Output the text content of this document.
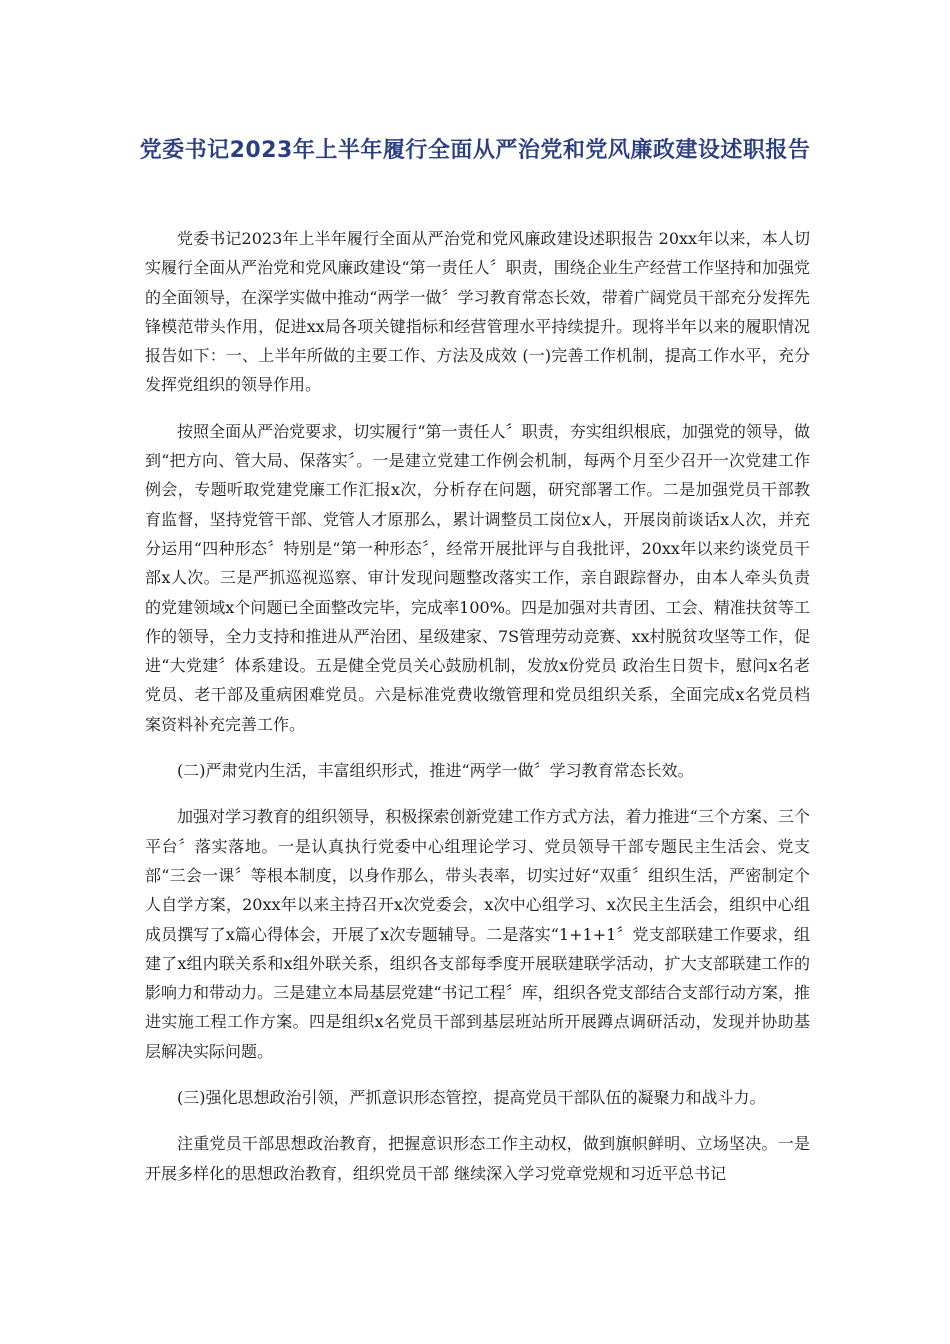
党委书记2023年上半年履行全面从严治党和党风廉政建设述职报告

党委书记2023年上半年履行全面从严治党和党风廉政建设述职报告 20xx年以来，本人切实履行全面从严治党和党风廉政建设“第一责任人〞职责，围绕企业生产经营工作坚持和加强党的全面领导，在深学实做中推动“两学一做〞学习教育常态长效，带着广阔党员干部充分发挥先锋模范带头作用，促进xx局各项关键指标和经营管理水平持续提升。现将半年以来的履职情况报告如下：一、上半年所做的主要工作、方法及成效 (一)完善工作机制，提高工作水平，充分发挥党组织的领导作用。

按照全面从严治党要求，切实履行“第一责任人〞职责，夯实组织根底，加强党的领导，做到“把方向、管大局、保落实〞。一是建立党建工作例会机制，每两个月至少召开一次党建工作例会，专题听取党建党廉工作汇报x次，分析存在问题，研究部署工作。二是加强党员干部教育监督，坚持党管干部、党管人才原那么，累计调整员工岗位x人，开展岗前谈话x人次，并充分运用“四种形态〞特别是“第一种形态〞，经常开展批评与自我批评，20xx年以来约谈党员干部x人次。三是严抓巡视巡察、审计发现问题整改落实工作，亲自跟踪督办，由本人牵头负责的党建领域x个问题已全面整改完毕，完成率100%。四是加强对共青团、工会、精准扶贫等工作的领导，全力支持和推进从严治团、星级建家、7S管理劳动竞赛、xx村脱贫攻坚等工作，促进“大党建〞体系建设。五是健全党员关心鼓励机制，发放x份党员 政治生日贺卡，慰问x名老党员、老干部及重病困难党员。六是标准党费收缴管理和党员组织关系，全面完成x名党员档案资料补充完善工作。

(二)严肃党内生活，丰富组织形式，推进“两学一做〞学习教育常态长效。

加强对学习教育的组织领导，积极探索创新党建工作方式方法，着力推进“三个方案、三个平台〞落实落地。一是认真执行党委中心组理论学习、党员领导干部专题民主生活会、党支部“三会一课〞等根本制度，以身作那么，带头表率，切实过好“双重〞组织生活，严密制定个人自学方案，20xx年以来主持召开x次党委会，x次中心组学习、x次民主生活会，组织中心组成员撰写了x篇心得体会，开展了x次专题辅导。二是落实“1+1+1〞党支部联建工作要求，组建了x组内联关系和x组外联关系，组织各支部每季度开展联建联学活动，扩大支部联建工作的影响力和带动力。三是建立本局基层党建“书记工程〞库，组织各党支部结合支部行动方案，推进实施工程工作方案。四是组织x名党员干部到基层班站所开展蹲点调研活动，发现并协助基层解决实际问题。

(三)强化思想政治引领，严抓意识形态管控，提高党员干部队伍的凝聚力和战斗力。

注重党员干部思想政治教育，把握意识形态工作主动权，做到旗帜鲜明、立场坚决。一是开展多样化的思想政治教育，组织党员干部 继续深入学习党章党规和习近平总书记
